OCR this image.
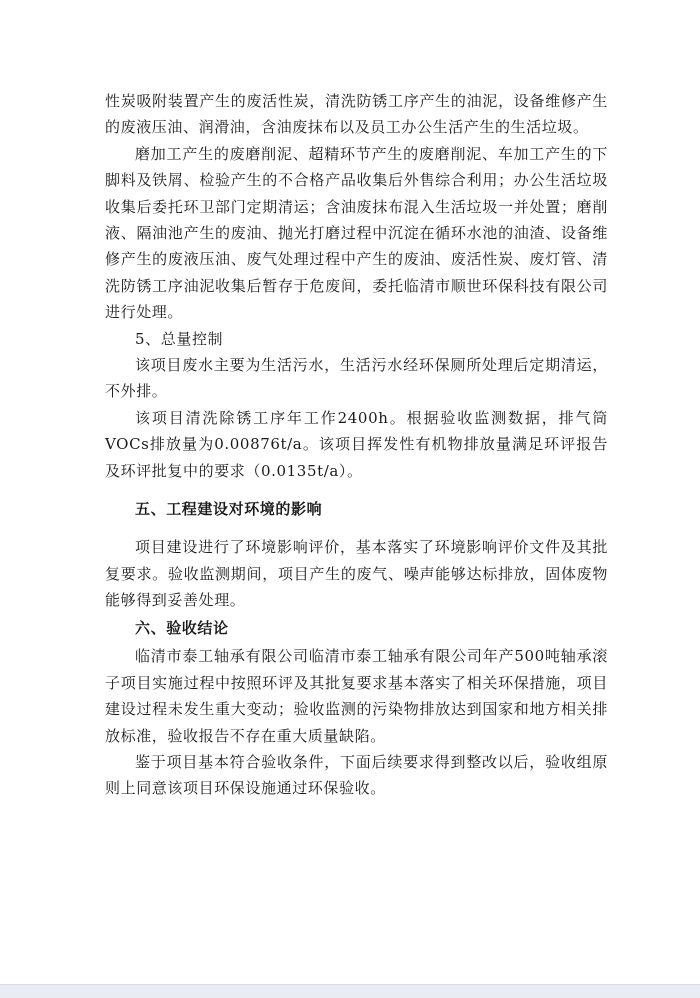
性炭吸附装置产生的废活性炭，清洗防锈工序产生的油泥，设备维修产生的废液压油、润滑油，含油废抹布以及员工办公生活产生的生活垃圾。

磨加工产生的废磨削泥、超精环节产生的废磨削泥、车加工产生的下脚料及铁屑、检验产生的不合格产品收集后外售综合利用；办公生活垃圾收集后委托环卫部门定期清运；含油废抹布混入生活垃圾一并处置；磨削液、隔油池产生的废油、抛光打磨过程中沉淀在循环水池的油渣、设备维修产生的废液压油、废气处理过程中产生的废油、废活性炭、废灯管、清洗防锈工序油泥收集后暂存于危废间，委托临清市顺世环保科技有限公司进行处理。

5、总量控制

该项目废水主要为生活污水，生活污水经环保厕所处理后定期清运，不外排。

该项目清洗除锈工序年工作2400h。根据验收监测数据，排气筒VOCs排放量为0.00876t/a。该项目挥发性有机物排放量满足环评报告及环评批复中的要求（0.0135t/a）。

五、工程建设对环境的影响

项目建设进行了环境影响评价，基本落实了环境影响评价文件及其批复要求。验收监测期间，项目产生的废气、噪声能够达标排放，固体废物能够得到妥善处理。

六、验收结论

临清市泰工轴承有限公司临清市泰工轴承有限公司年产500吨轴承滚子项目实施过程中按照环评及其批复要求基本落实了相关环保措施，项目建设过程未发生重大变动；验收监测的污染物排放达到国家和地方相关排放标准，验收报告不存在重大质量缺陷。

鉴于项目基本符合验收条件，下面后续要求得到整改以后，验收组原则上同意该项目环保设施通过环保验收。
